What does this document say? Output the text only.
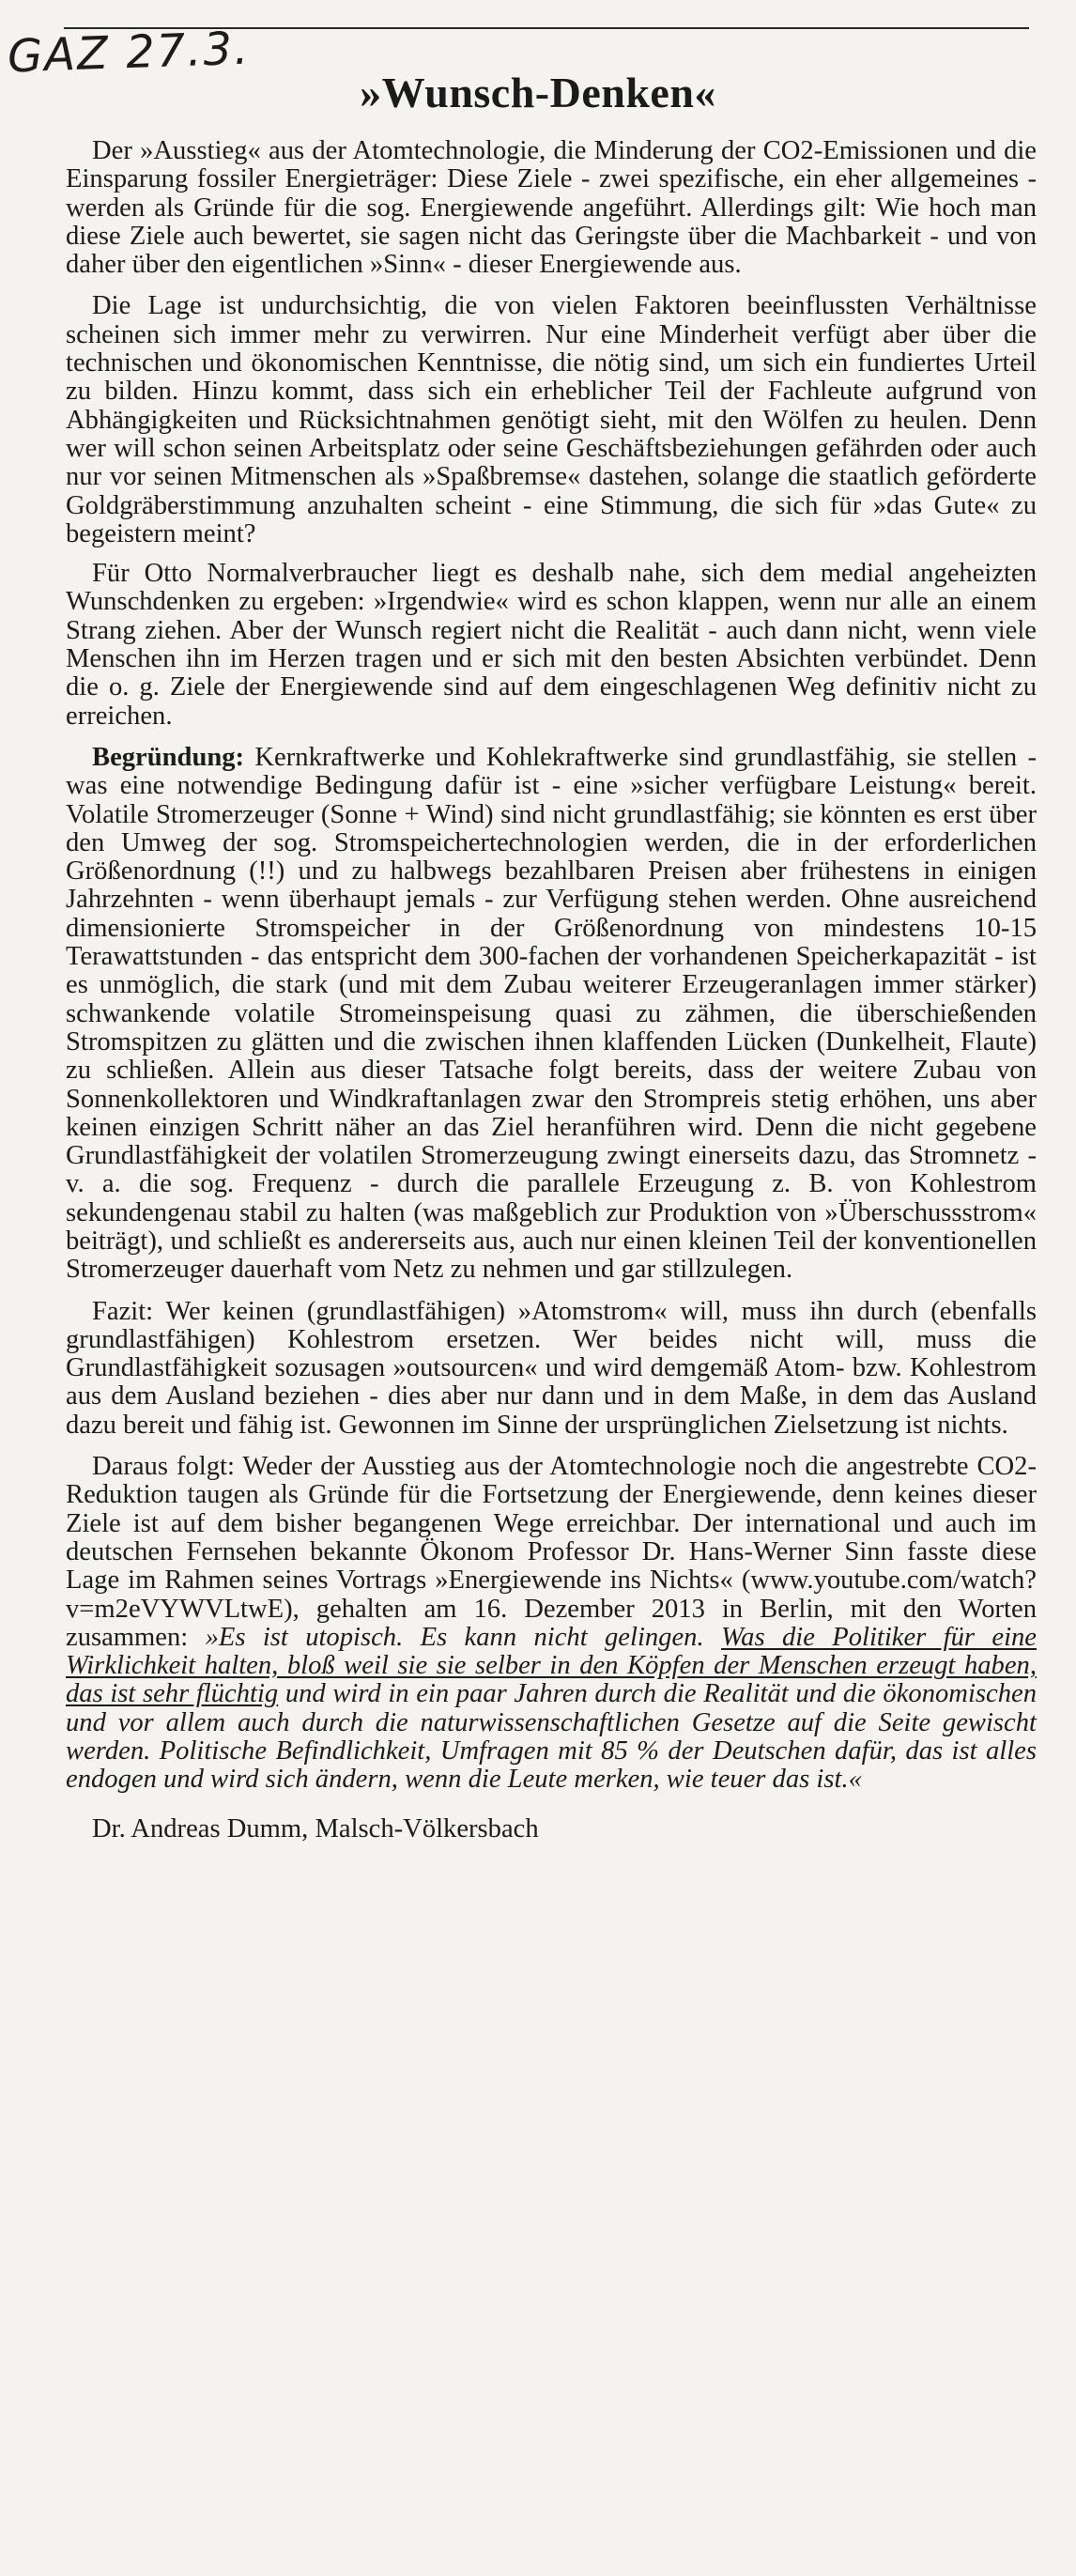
GAZ 27.3.
»Wunsch-Denken«

Der »Ausstieg« aus der Atomtechnologie, die Minderung der CO2-Emissionen und die Einsparung fossiler Energieträger: Diese Ziele - zwei spezifische, ein eher allgemeines - werden als Gründe für die sog. Energiewende angeführt. Allerdings gilt: Wie hoch man diese Ziele auch bewertet, sie sagen nicht das Geringste über die Machbarkeit - und von daher über den eigentlichen »Sinn« - dieser Energiewende aus.

Die Lage ist undurchsichtig, die von vielen Faktoren beeinflussten Verhältnisse scheinen sich immer mehr zu verwirren. Nur eine Minderheit verfügt aber über die technischen und ökonomischen Kenntnisse, die nötig sind, um sich ein fundiertes Urteil zu bilden. Hinzu kommt, dass sich ein erheblicher Teil der Fachleute aufgrund von Abhängigkeiten und Rücksichtnahmen genötigt sieht, mit den Wölfen zu heulen. Denn wer will schon seinen Arbeitsplatz oder seine Geschäftsbeziehungen gefährden oder auch nur vor seinen Mitmenschen als »Spaßbremse« dastehen, solange die staatlich geförderte Goldgräberstimmung anzuhalten scheint - eine Stimmung, die sich für »das Gute« zu begeistern meint?

Für Otto Normalverbraucher liegt es deshalb nahe, sich dem medial angeheizten Wunschdenken zu ergeben: »Irgendwie« wird es schon klappen, wenn nur alle an einem Strang ziehen. Aber der Wunsch regiert nicht die Realität - auch dann nicht, wenn viele Menschen ihn im Herzen tragen und er sich mit den besten Absichten verbündet. Denn die o. g. Ziele der Energiewende sind auf dem eingeschlagenen Weg definitiv nicht zu erreichen.

Begründung: Kernkraftwerke und Kohlekraftwerke sind grundlastfähig, sie stellen - was eine notwendige Bedingung dafür ist - eine »sicher verfügbare Leistung« bereit. Volatile Stromerzeuger (Sonne + Wind) sind nicht grundlastfähig; sie könnten es erst über den Umweg der sog. Stromspeichertechnologien werden, die in der erforderlichen Größenordnung (!!) und zu halbwegs bezahlbaren Preisen aber frühestens in einigen Jahrzehnten - wenn überhaupt jemals - zur Verfügung stehen werden. Ohne ausreichend dimensionierte Stromspeicher in der Größenordnung von mindestens 10-15 Terawattstunden - das entspricht dem 300-fachen der vorhandenen Speicherkapazität - ist es unmöglich, die stark (und mit dem Zubau weiterer Erzeugeranlagen immer stärker) schwankende volatile Stromeinspeisung quasi zu zähmen, die überschießenden Stromspitzen zu glätten und die zwischen ihnen klaffenden Lücken (Dunkelheit, Flaute) zu schließen. Allein aus dieser Tatsache folgt bereits, dass der weitere Zubau von Sonnenkollektoren und Windkraftanlagen zwar den Strompreis stetig erhöhen, uns aber keinen einzigen Schritt näher an das Ziel heranführen wird. Denn die nicht gegebene Grundlastfähigkeit der volatilen Stromerzeugung zwingt einerseits dazu, das Stromnetz - v. a. die sog. Frequenz - durch die parallele Erzeugung z. B. von Kohlestrom sekundengenau stabil zu halten (was maßgeblich zur Produktion von »Überschussstrom« beiträgt), und schließt es andererseits aus, auch nur einen kleinen Teil der konventionellen Stromerzeuger dauerhaft vom Netz zu nehmen und gar stillzulegen.

Fazit: Wer keinen (grundlastfähigen) »Atomstrom« will, muss ihn durch (ebenfalls grundlastfähigen) Kohlestrom ersetzen. Wer beides nicht will, muss die Grundlastfähigkeit sozusagen »outsourcen« und wird demgemäß Atom- bzw. Kohlestrom aus dem Ausland beziehen - dies aber nur dann und in dem Maße, in dem das Ausland dazu bereit und fähig ist. Gewonnen im Sinne der ursprünglichen Zielsetzung ist nichts.

Daraus folgt: Weder der Ausstieg aus der Atomtechnologie noch die angestrebte CO2-Reduktion taugen als Gründe für die Fortsetzung der Energiewende, denn keines dieser Ziele ist auf dem bisher begangenen Wege erreichbar. Der international und auch im deutschen Fernsehen bekannte Ökonom Professor Dr. Hans-Werner Sinn fasste diese Lage im Rahmen seines Vortrags »Energiewende ins Nichts« (www.youtube.com/watch?v=m2eVYWVLtwE), gehalten am 16. Dezember 2013 in Berlin, mit den Worten zusammen: »Es ist utopisch. Es kann nicht gelingen. Was die Politiker für eine Wirklichkeit halten, bloß weil sie sie selber in den Köpfen der Menschen erzeugt haben, das ist sehr flüchtig und wird in ein paar Jahren durch die Realität und die ökonomischen und vor allem auch durch die naturwissenschaftlichen Gesetze auf die Seite gewischt werden. Politische Befindlichkeit, Umfragen mit 85 % der Deutschen dafür, das ist alles endogen und wird sich ändern, wenn die Leute merken, wie teuer das ist.«

Dr. Andreas Dumm, Malsch-Völkersbach
